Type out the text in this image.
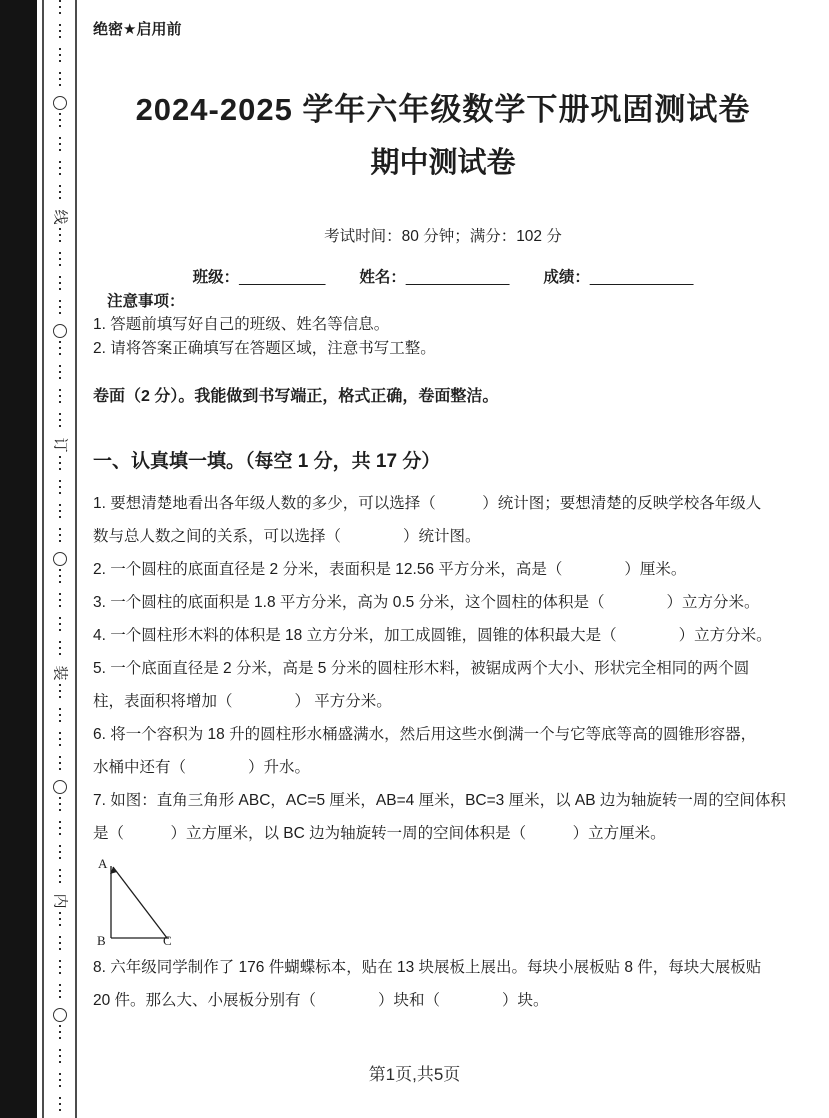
线
订
装
内
绝密★启用前
2024-2025 学年六年级数学下册巩固测试卷
期中测试卷
考试时间：80 分钟；满分：102 分
班级：__________ 姓名：____________ 成绩：____________
注意事项：
1. 答题前填写好自己的班级、姓名等信息。
2. 请将答案正确填写在答题区域，注意书写工整。
卷面（2 分）。我能做到书写端正，格式正确，卷面整洁。
一、认真填一填。（每空 1 分，共 17 分）
1. 要想清楚地看出各年级人数的多少，可以选择（　　　）统计图；要想清楚的反映学校各年级人
数与总人数之间的关系，可以选择（　　　　）统计图。
2. 一个圆柱的底面直径是 2 分米，表面积是 12.56 平方分米，高是（　　　　）厘米。
3. 一个圆柱的底面积是 1.8 平方分米，高为 0.5 分米，这个圆柱的体积是（　　　　）立方分米。
4. 一个圆柱形木料的体积是 18 立方分米，加工成圆锥，圆锥的体积最大是（　　　　）立方分米。
5. 一个底面直径是 2 分米，高是 5 分米的圆柱形木料，被锯成两个大小、形状完全相同的两个圆
柱，表面积将增加（　　　　） 平方分米。
6. 将一个容积为 18 升的圆柱形水桶盛满水，然后用这些水倒满一个与它等底等高的圆锥形容器，
水桶中还有（　　　　）升水。
7. 如图：直角三角形 ABC，AC=5 厘米，AB=4 厘米，BC=3 厘米，以 AB 边为轴旋转一周的空间体积
是（　　　）立方厘米，以 BC 边为轴旋转一周的空间体积是（　　　）立方厘米。
A
B	C
8. 六年级同学制作了 176 件蝴蝶标本，贴在 13 块展板上展出。每块小展板贴 8 件，每块大展板贴
20 件。那么大、小展板分别有（　　　　）块和（　　　　）块。
第1页,共5页
